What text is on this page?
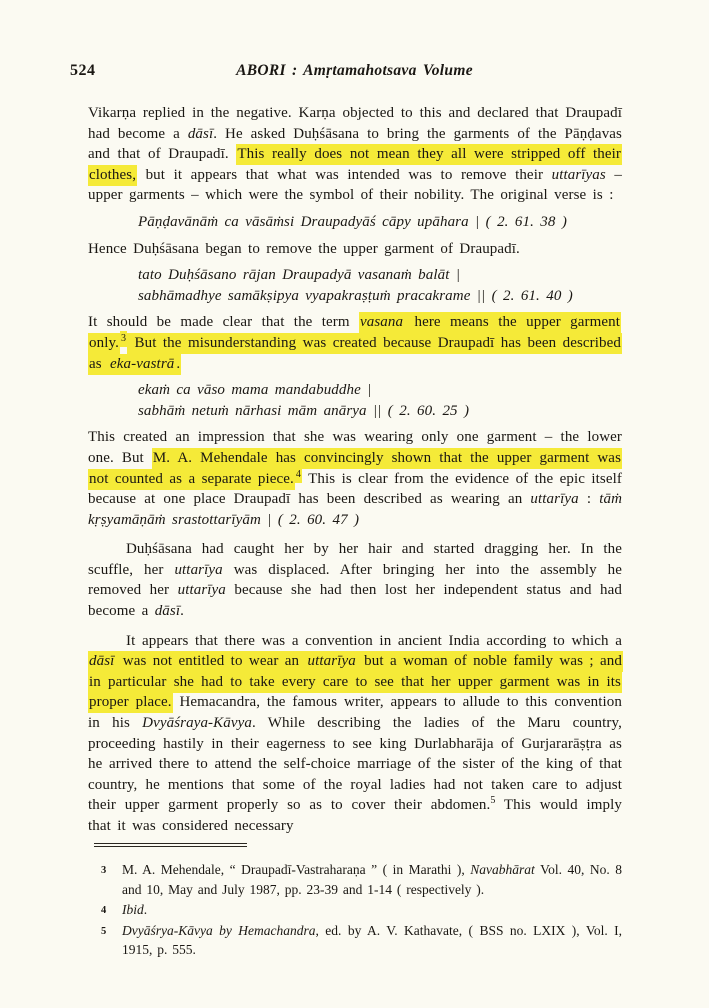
524	ABORI : Amṛtamahotsava Volume

Vikarṇa replied in the negative. Karṇa objected to this and declared that Draupadī had become a dāsī. He asked Duḥśāsana to bring the garments of the Pāṇḍavas and that of Draupadī. This really does not mean they all were stripped off their clothes, but it appears that what was intended was to remove their uttarīyas – upper garments – which were the symbol of their nobility. The original verse is :

Pāṇḍavānāṁ ca vāsāṁsi Draupadyāś cāpy upāhara | ( 2. 61. 38 )

Hence Duḥśāsana began to remove the upper garment of Draupadī.

tato Duḥśāsano rājan Draupadyā vasanaṁ balāt |
sabhāmadhye samākṣipya vyapakraṣṭuṁ pracakrame || ( 2. 61. 40 )

It should be made clear that the term vasana here means the upper garment only. $^3$ But the misunderstanding was created because Draupadī has been described as eka-vastrā .

ekaṁ ca vāso mama mandabuddhe |
sabhāṁ netuṁ nārhasi mām anārya || ( 2. 60. 25 )

This created an impression that she was wearing only one garment – the lower one. But M. A. Mehendale has convincingly shown that the upper garment was not counted as a separate piece. $^4$ This is clear from the evidence of the epic itself because at one place Draupadī has been described as wearing an uttarīya : tāṁ kṛṣyamāṇāṁ srastottarīyām | ( 2. 60. 47 )

Duḥśāsana had caught her by her hair and started dragging her. In the scuffle, her uttarīya was displaced. After bringing her into the assembly he removed her uttarīya because she had then lost her independent status and had become a dāsī.

It appears that there was a convention in ancient India according to which a dāsī was not entitled to wear an uttarīya but a woman of noble family was ; and in particular she had to take every care to see that her upper garment was in its proper place. Hemacandra, the famous writer, appears to allude to this convention in his Dvyāśraya-Kāvya. While describing the ladies of the Maru country, proceeding hastily in their eagerness to see king Durlabharāja of Gurjararāṣṭra as he arrived there to attend the self-choice marriage of the sister of the king of that country, he mentions that some of the royal ladies had not taken care to adjust their upper garment properly so as to cover their abdomen.$^5$ This would imply that it was considered necessary

3 M. A. Mehendale, “ Draupadī-Vastraharaṇa ” ( in Marathi ), Navabhārat Vol. 40, No. 8 and 10, May and July 1987, pp. 23-39 and 1-14 ( respectively ).
4 Ibid.
5 Dvyāśrya-Kāvya by Hemachandra, ed. by A. V. Kathavate, ( BSS no. LXIX ), Vol. I, 1915, p. 555.
